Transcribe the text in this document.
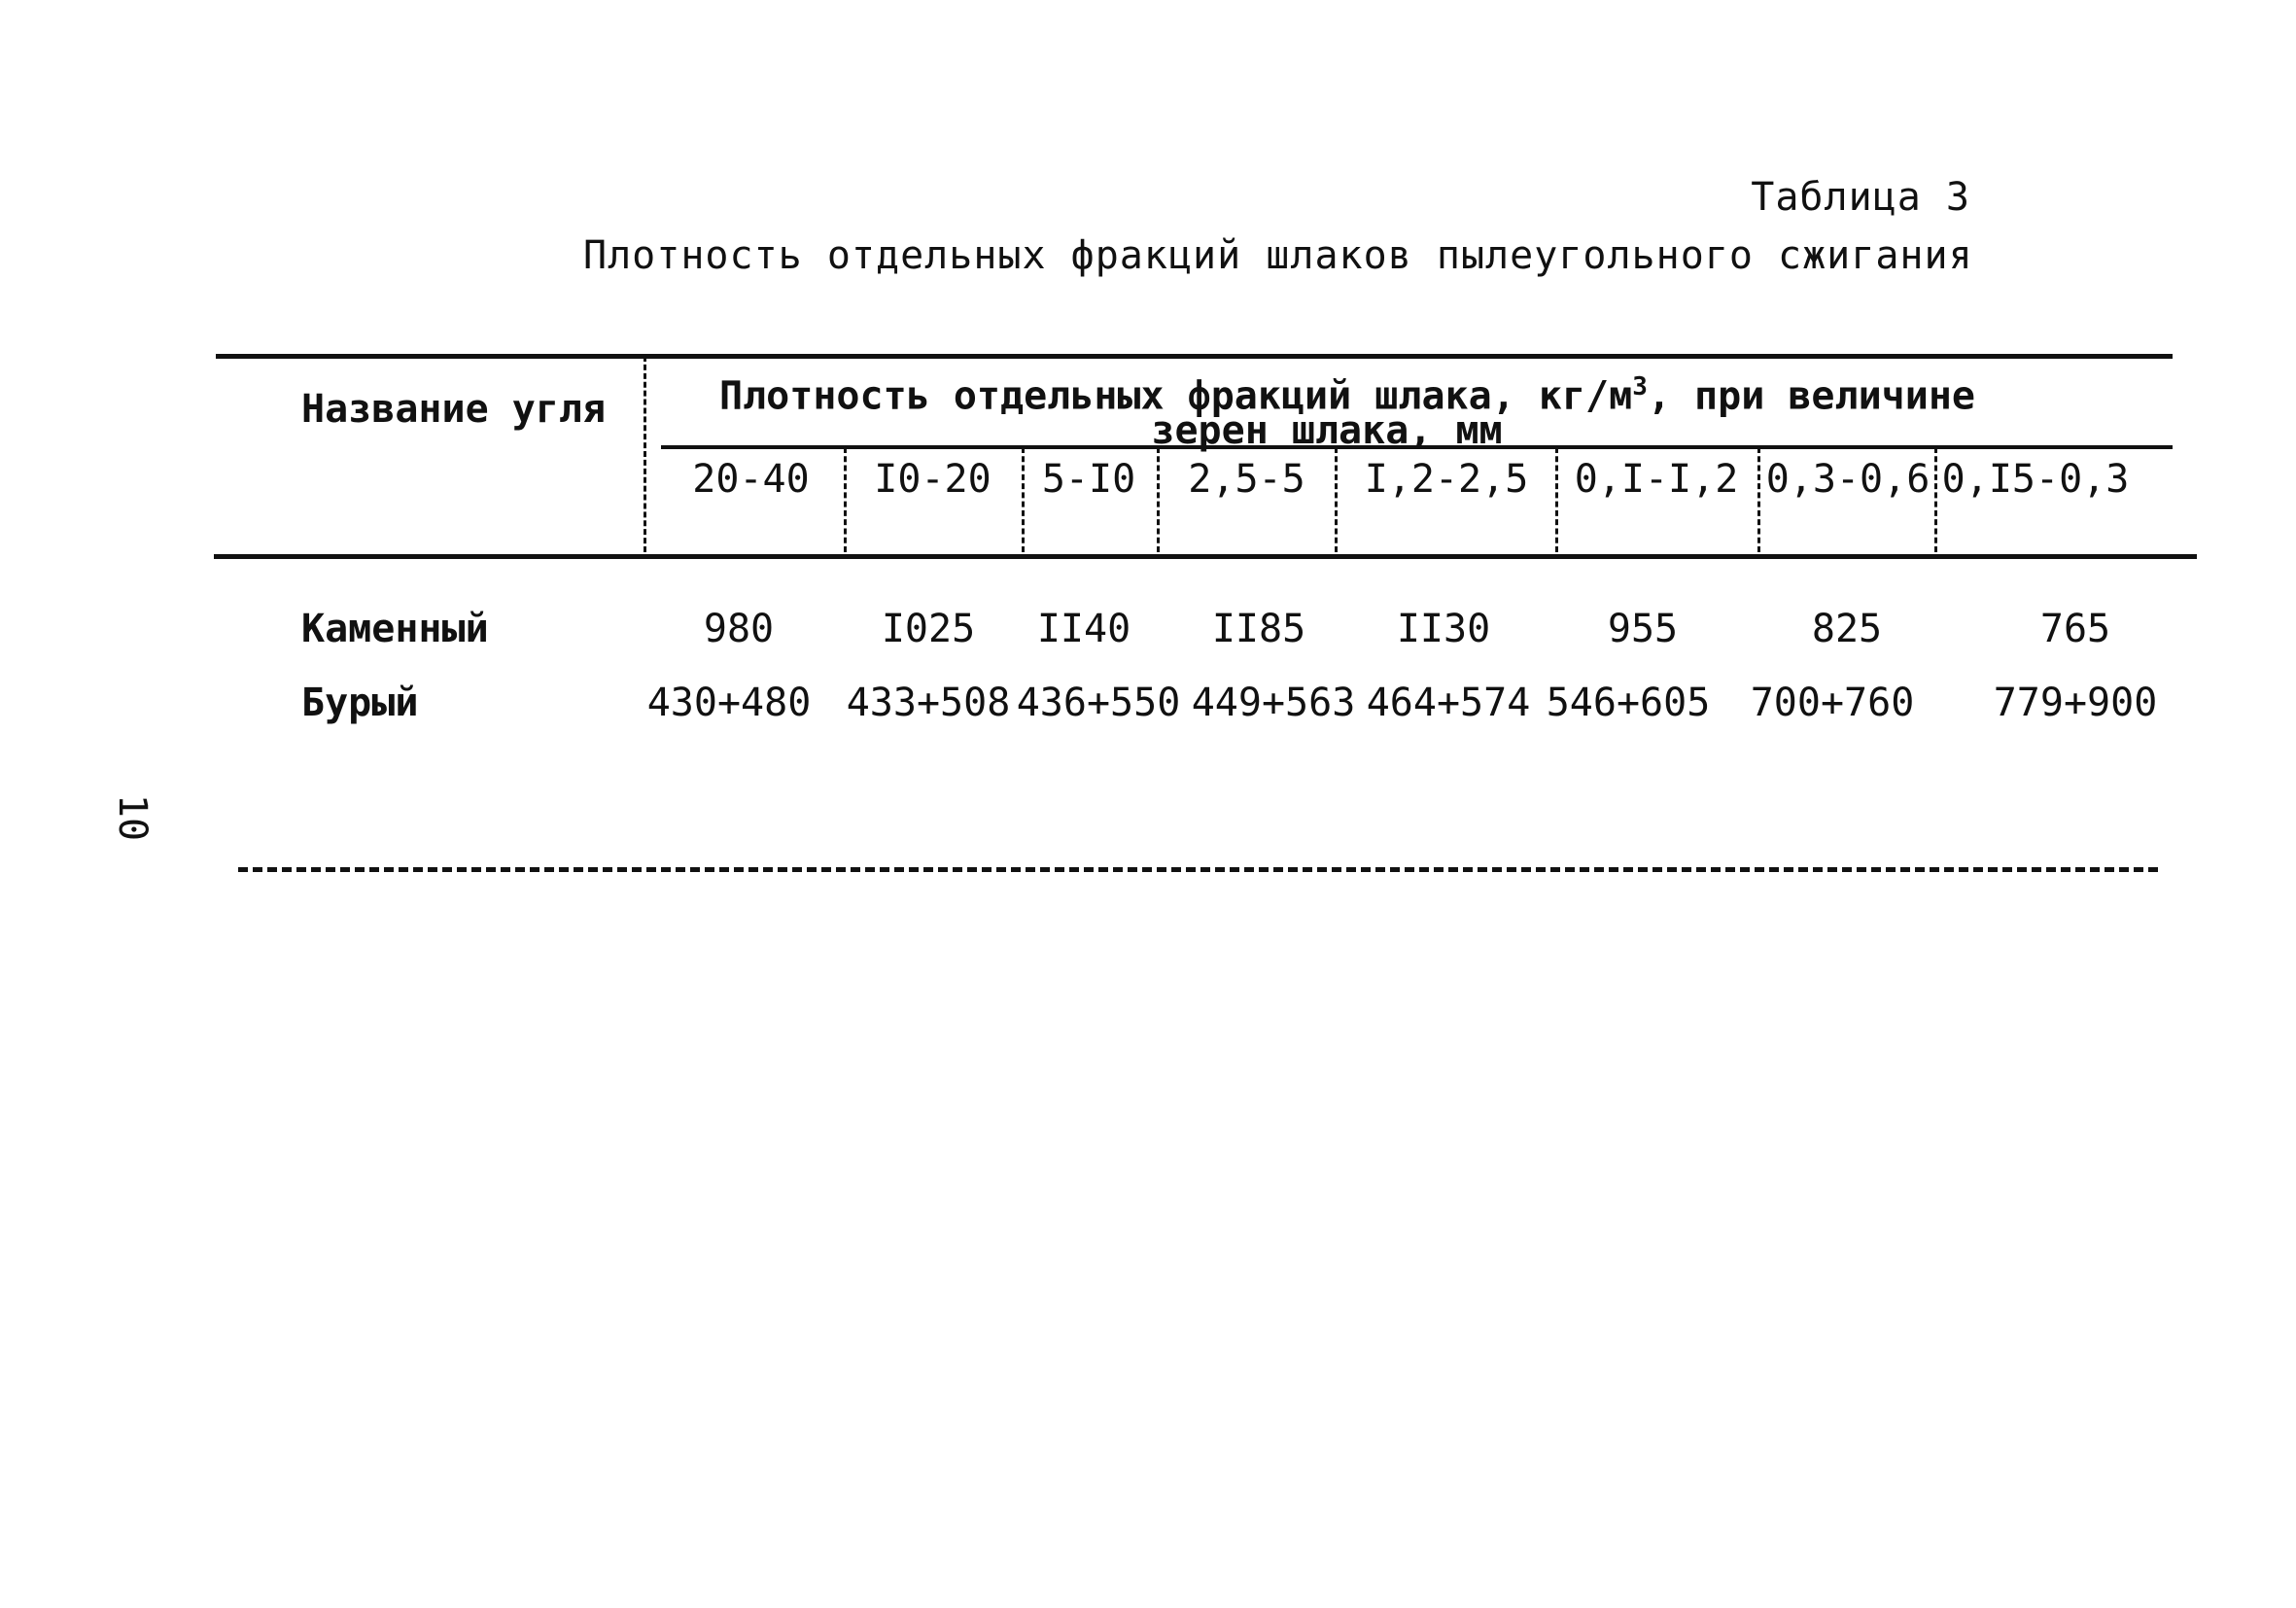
Таблица 3
Плотность отдельных фракций шлаков пылеугольного сжигания
Название угля	Плотность отдельных фракций шлака, $кг/м^3$, при величине
зерен шлака, мм
20-40	I0-20	5-I0	2,5-5	I,2-2,5	0,I-I,2 0,3-0,6 0,I5-0,3
Каменный	980	I025	II40	II85	II30	955	825	765
Бурый	430+480 433+508 436+550 449+563 464+574 546+605 700+760	779+900
10
